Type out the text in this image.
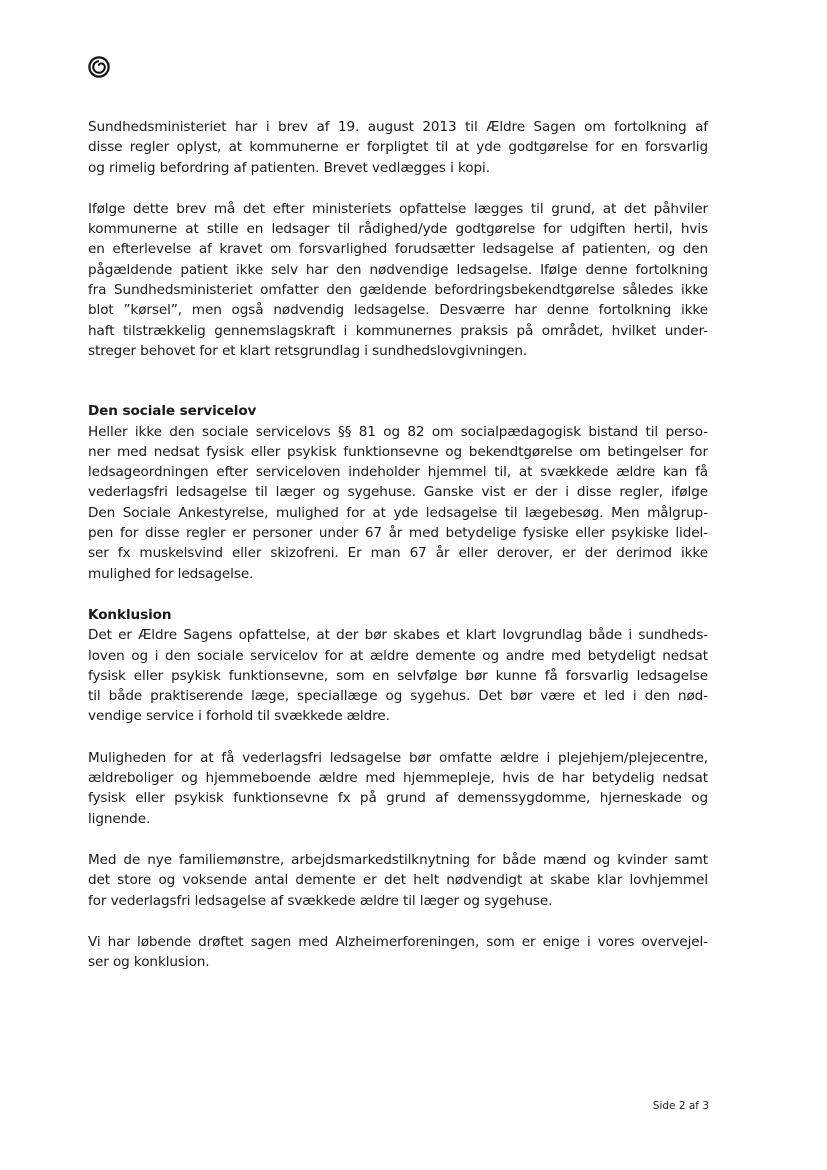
Sundhedsministeriet har i brev af 19. august 2013 til Ældre Sagen om fortolkning af
disse regler oplyst, at kommunerne er forpligtet til at yde godtgørelse for en forsvarlig
og rimelig befordring af patienten. Brevet vedlægges i kopi.

Ifølge dette brev må det efter ministeriets opfattelse lægges til grund, at det påhviler
kommunerne at stille en ledsager til rådighed/yde godtgørelse for udgiften hertil, hvis
en efterlevelse af kravet om forsvarlighed forudsætter ledsagelse af patienten, og den
pågældende patient ikke selv har den nødvendige ledsagelse. Ifølge denne fortolkning
fra Sundhedsministeriet omfatter den gældende befordringsbekendtgørelse således ikke
blot ”kørsel”, men også nødvendig ledsagelse. Desværre har denne fortolkning ikke
haft tilstrækkelig gennemslagskraft i kommunernes praksis på området, hvilket under-
streger behovet for et klart retsgrundlag i sundhedslovgivningen.

Den sociale servicelov

Heller ikke den sociale servicelovs §§ 81 og 82 om socialpædagogisk bistand til perso-
ner med nedsat fysisk eller psykisk funktionsevne og bekendtgørelse om betingelser for
ledsageordningen efter serviceloven indeholder hjemmel til, at svækkede ældre kan få
vederlagsfri ledsagelse til læger og sygehuse. Ganske vist er der i disse regler, ifølge
Den Sociale Ankestyrelse, mulighed for at yde ledsagelse til lægebesøg. Men målgrup-
pen for disse regler er personer under 67 år med betydelige fysiske eller psykiske lidel-
ser fx muskelsvind eller skizofreni. Er man 67 år eller derover, er der derimod ikke
mulighed for ledsagelse.

Konklusion

Det er Ældre Sagens opfattelse, at der bør skabes et klart lovgrundlag både i sundheds-
loven og i den sociale servicelov for at ældre demente og andre med betydeligt nedsat
fysisk eller psykisk funktionsevne, som en selvfølge bør kunne få forsvarlig ledsagelse
til både praktiserende læge, speciallæge og sygehus. Det bør være et led i den nød-
vendige service i forhold til svækkede ældre.

Muligheden for at få vederlagsfri ledsagelse bør omfatte ældre i plejehjem/plejecentre,
ældreboliger og hjemmeboende ældre med hjemmepleje, hvis de har betydelig nedsat
fysisk eller psykisk funktionsevne fx på grund af demenssygdomme, hjerneskade og
lignende.

Med de nye familiemønstre, arbejdsmarkedstilknytning for både mænd og kvinder samt
det store og voksende antal demente er det helt nødvendigt at skabe klar lovhjemmel
for vederlagsfri ledsagelse af svækkede ældre til læger og sygehuse.

Vi har løbende drøftet sagen med Alzheimerforeningen, som er enige i vores overvejel-
ser og konklusion.

Side 2 af 3
